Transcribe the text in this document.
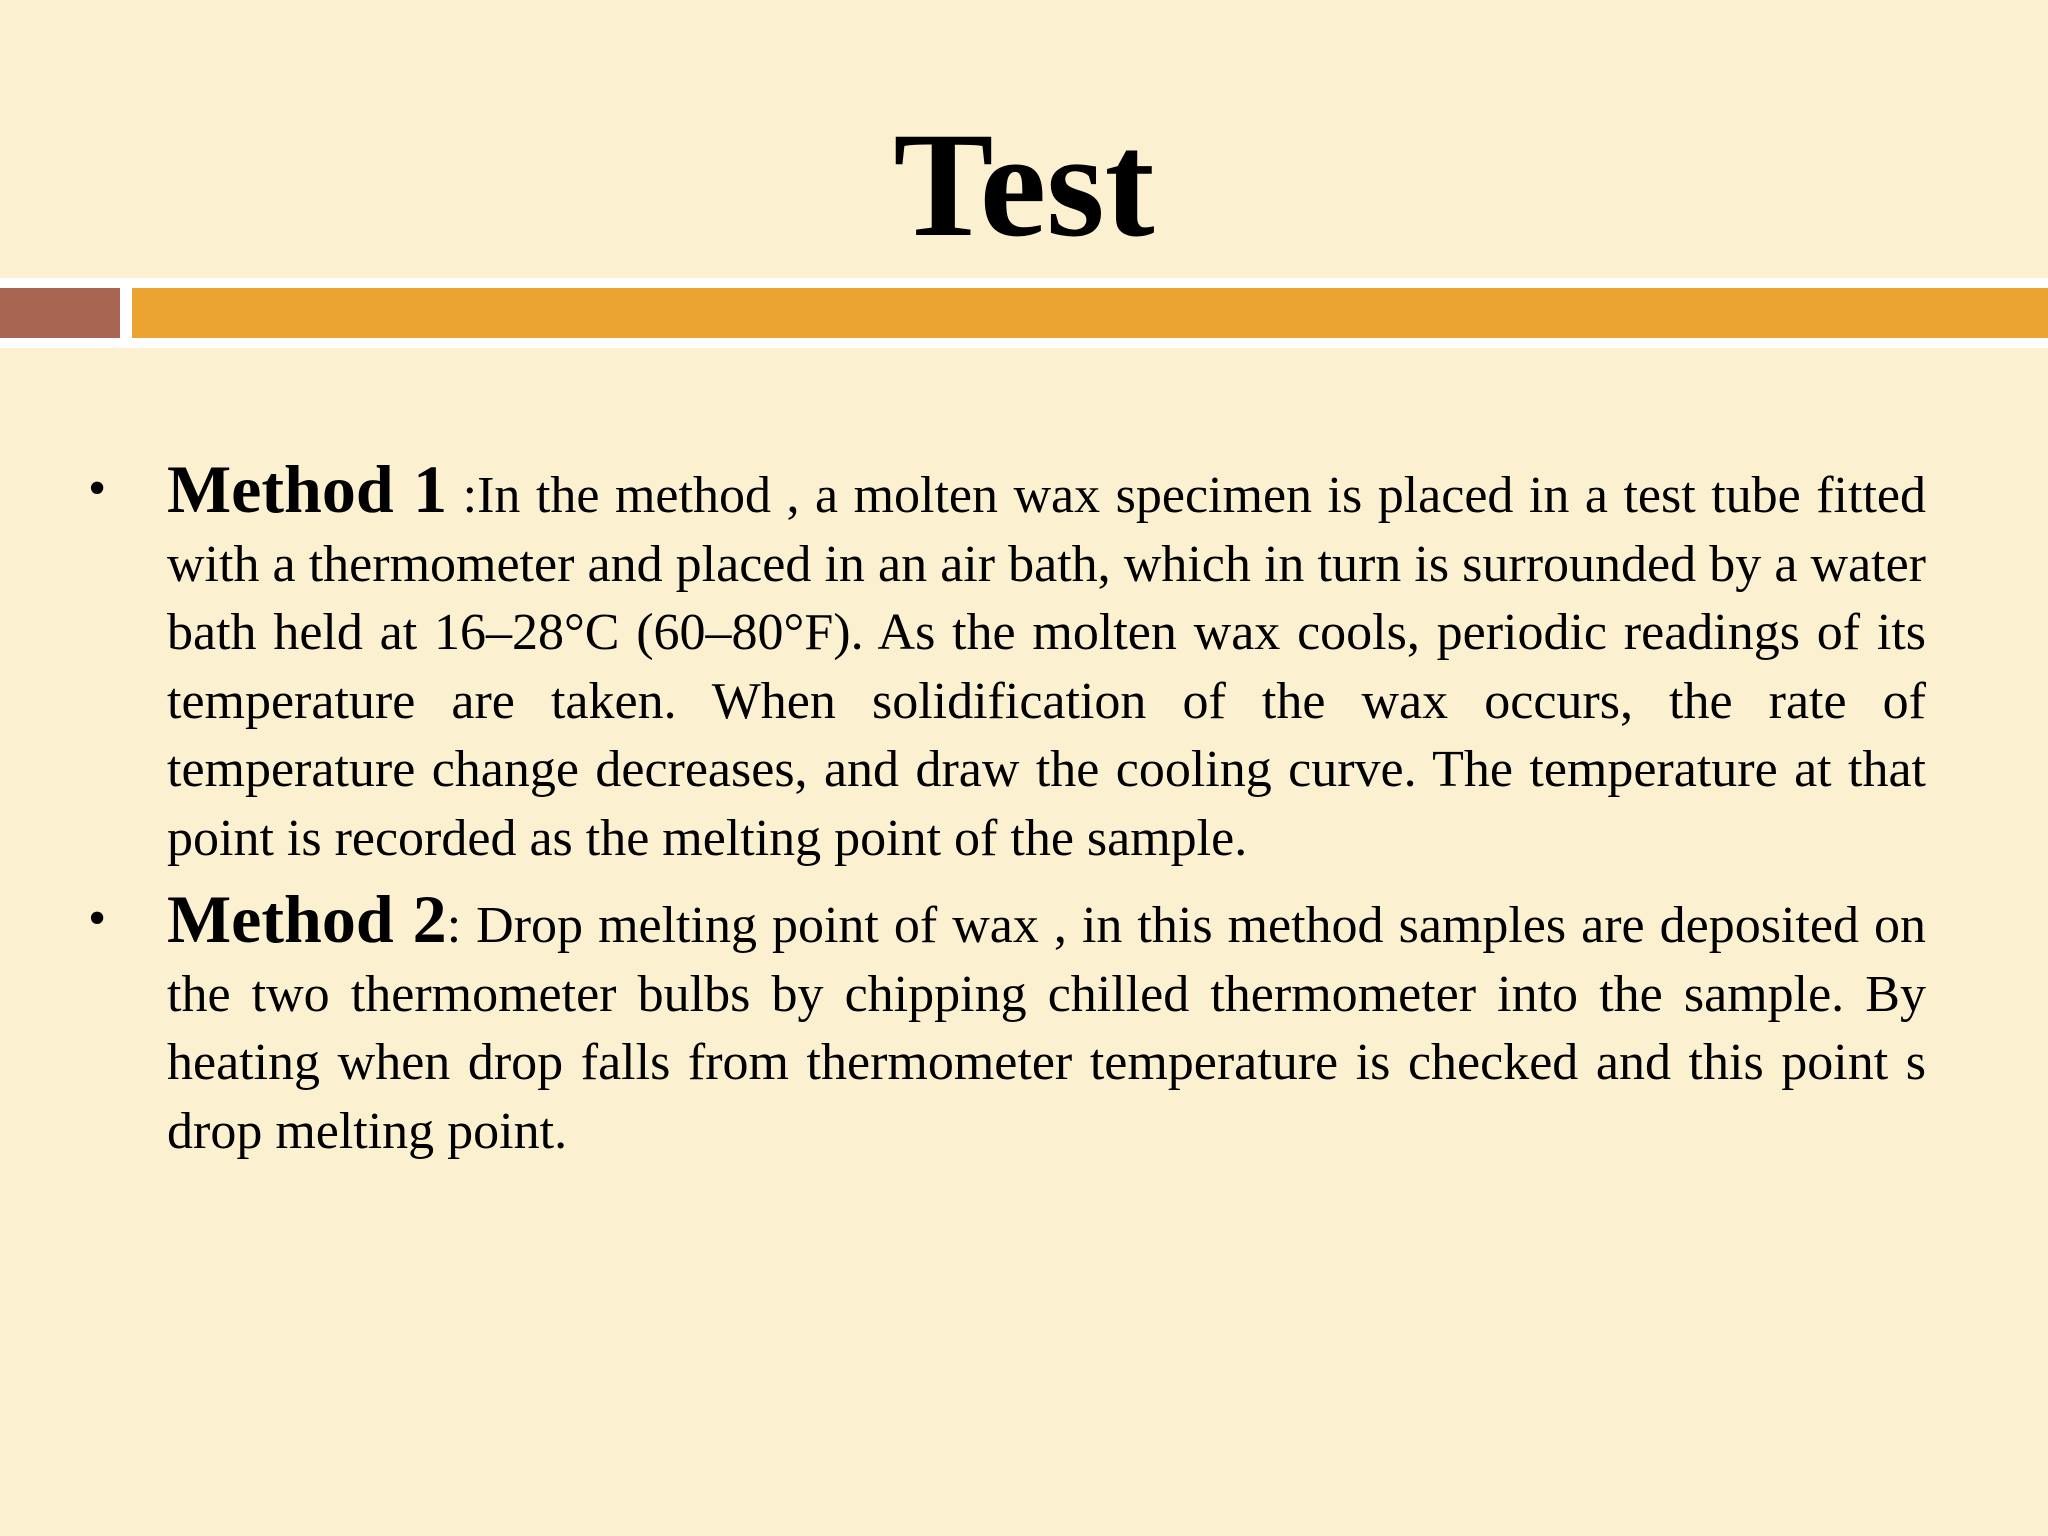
Test
• Method 1 :In the method , a molten wax specimen is placed in a test tube fitted with a thermometer and placed in an air bath, which in turn is surrounded by a water bath held at 16–28°C (60–80°F). As the molten wax cools, periodic readings of its temperature are taken. When solidification of the wax occurs, the rate of temperature change decreases, and draw the cooling curve. The temperature at that point is recorded as the melting point of the sample.
• Method 2: Drop melting point of wax , in this method samples are deposited on the two thermometer bulbs by chipping chilled thermometer into the sample. By heating when drop falls from thermometer temperature is checked and this point s drop melting point.
